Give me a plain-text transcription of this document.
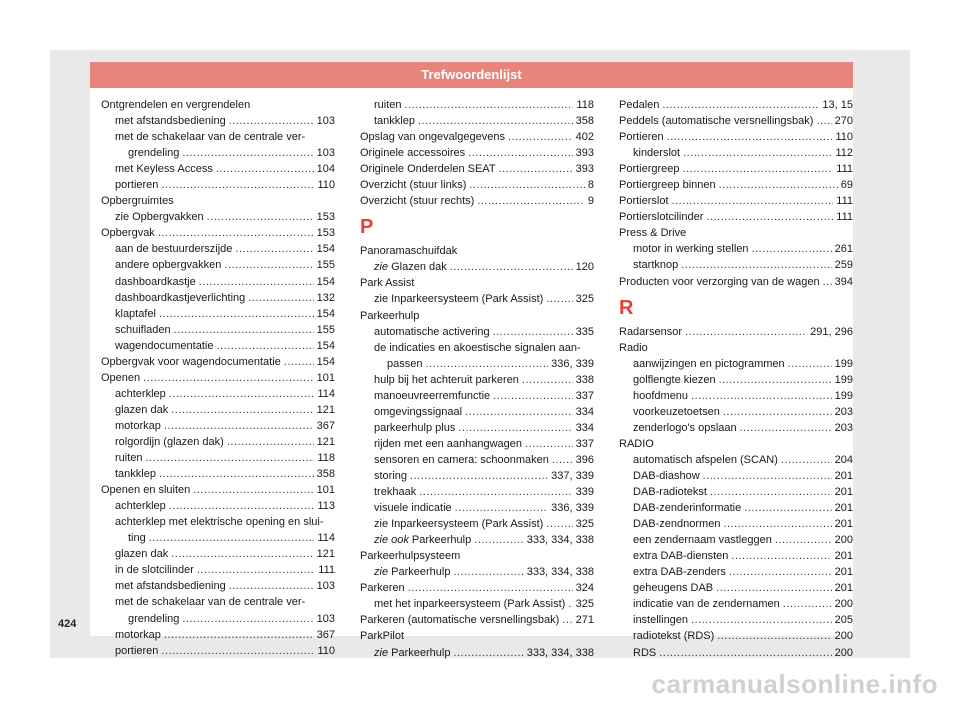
Trefwoordenlijst
Ontgrendelen en vergrendelen
met afstandsbediening .....	103
met de schakelaar van de centrale ver-
grendeling .....	103
met Keyless Access .....	104
portieren .....	110
Opbergruimtes
zie Opbergvakken .....	153
Opbergvak .....	153
aan de bestuurderszijde .....	154
andere opbergvakken .....	155
dashboardkastje .....	154
dashboardkastjeverlichting .....	132
klaptafel .....	154
schuifladen .....	155
wagendocumentatie .....	154
Opbergvak voor wagendocumentatie .....	154
Openen .....	101
achterklep .....	114
glazen dak .....	121
motorkap .....	367
rolgordijn (glazen dak) .....	121
ruiten .....	118
tankklep .....	358
Openen en sluiten .....	101
achterklep .....	113
achterklep met elektrische opening en slui-
ting .....	114
glazen dak .....	121
in de slotcilinder .....	111
met afstandsbediening .....	103
met de schakelaar van de centrale ver-
grendeling .....	103
motorkap .....	367
portieren .....	110
ruiten .....	118
tankklep .....	358
Opslag van ongevalgegevens .....	402
Originele accessoires .....	393
Originele Onderdelen SEAT .....	393
Overzicht (stuur links) .....	8
Overzicht (stuur rechts) .....	9
P
Panoramaschuifdak
zie Glazen dak .....	120
Park Assist
zie Inparkeersysteem (Park Assist) .....	325
Parkeerhulp
automatische activering .....	335
de indicaties en akoestische signalen aan-
passen .....	336, 339
hulp bij het achteruit parkeren .....	338
manoeuvreerremfunctie .....	337
omgevingssignaal .....	334
parkeerhulp plus .....	334
rijden met een aanhangwagen .....	337
sensoren en camera: schoonmaken ..... 396
storing .....	337, 339
trekhaak .....	339
visuele indicatie .....	336, 339
zie Inparkeersysteem (Park Assist) .....	325
zie ook Parkeerhulp .....	333, 334, 338
Parkeerhulpsysteem
zie Parkeerhulp .....	333, 334, 338
Parkeren .....	324
met het inparkeersysteem (Park Assist) ..... 325
Parkeren (automatische versnellingsbak) ..... 271
ParkPilot
zie Parkeerhulp .....	333, 334, 338
Pedalen .....	13, 15
Peddels (automatische versnellingsbak) ..... 270
Portieren .....	110
kinderslot .....	112
Portiergreep .....	111
Portiergreep binnen .....	69
Portierslot .....	111
Portierslotcilinder .....	111
Press & Drive
motor in werking stellen .....	261
startknop .....	259
Producten voor verzorging van de wagen ..... 394
R
Radarsensor .....	291, 296
Radio
aanwijzingen en pictogrammen .....	199
golflengte kiezen .....	199
hoofdmenu .....	199
voorkeuzetoetsen .....	203
zenderlogo's opslaan .....	203
RADIO
automatisch afspelen (SCAN) .....	204
DAB-diashow .....	201
DAB-radiotekst .....	201
DAB-zenderinformatie .....	201
DAB-zendnormen .....	201
een zendernaam vastleggen .....	200
extra DAB-diensten .....	201
extra DAB-zenders .....	201
geheugens DAB .....	201
indicatie van de zendernamen .....	200
instellingen .....	205
radiotekst (RDS) .....	200
RDS .....	200
424
carmanualsonline.info
